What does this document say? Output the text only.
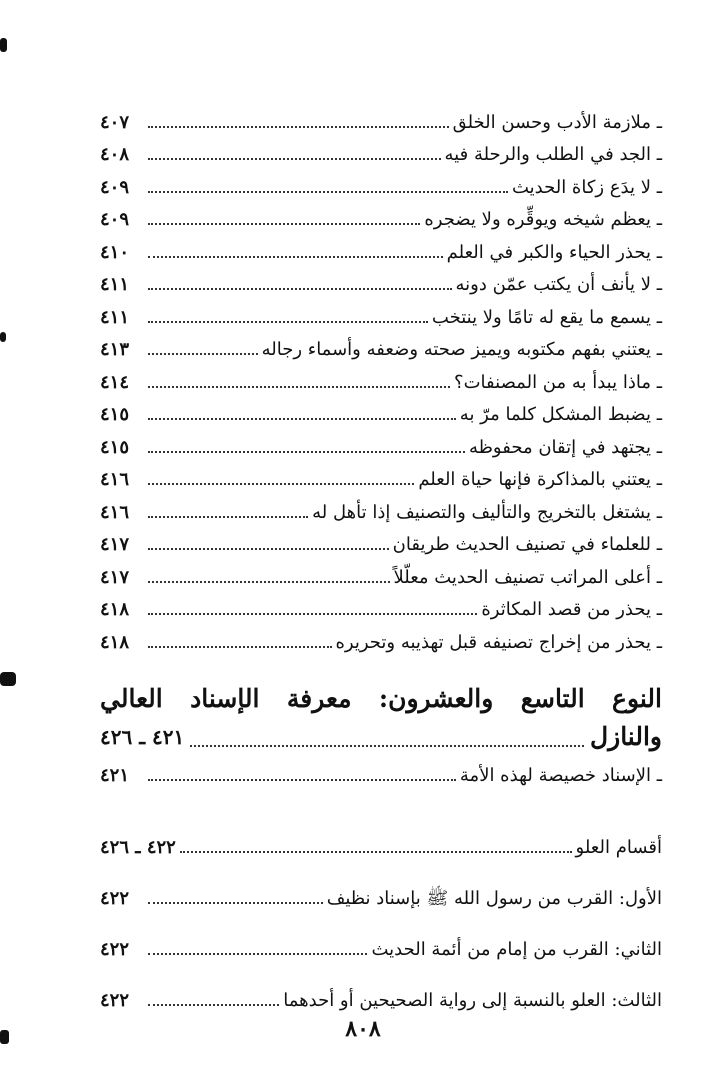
ـ ملازمة الأدب وحسن الخلق
٤٠٧
ـ الجد في الطلب والرحلة فيه
٤٠٨
ـ لا يدَع زكاة الحديث
٤٠٩
ـ يعظم شيخه ويوقِّره ولا يضجره
٤٠٩
ـ يحذر الحياء والكبر في العلم
٤١٠
ـ لا يأنف أن يكتب عمّن دونه
٤١١
ـ يسمع ما يقع له تامًا ولا ينتخب
٤١١
ـ يعتني بفهم مكتوبه ويميز صحته وضعفه وأسماء رجاله
٤١٣
ـ ماذا يبدأ به من المصنفات؟
٤١٤
ـ يضبط المشكل كلما مرّ به
٤١٥
ـ يجتهد في إتقان محفوظه
٤١٥
ـ يعتني بالمذاكرة فإنها حياة العلم
٤١٦
ـ يشتغل بالتخريج والتأليف والتصنيف إذا تأهل له
٤١٦
ـ للعلماء في تصنيف الحديث طريقان
٤١٧
ـ أعلى المراتب تصنيف الحديث معلّلاً
٤١٧
ـ يحذر من قصد المكاثرة
٤١٨
ـ يحذر من إخراج تصنيفه قبل تهذيبه وتحريره
٤١٨
النوع
التاسع
والعشرون:
معرفة
الإسناد
العالي
والنازل
٤٢١ ـ ٤٢٦
ـ الإسناد خصيصة لهذه الأمة
٤٢١
أقسام العلو
٤٢٢ ـ ٤٢٦
الأول: القرب من رسول الله ﷺ بإسناد نظيف
٤٢٢
الثاني: القرب من إمام من أئمة الحديث
٤٢٢
الثالث: العلو بالنسبة إلى رواية الصحيحين أو أحدهما
٤٢٢
٨٠٨
